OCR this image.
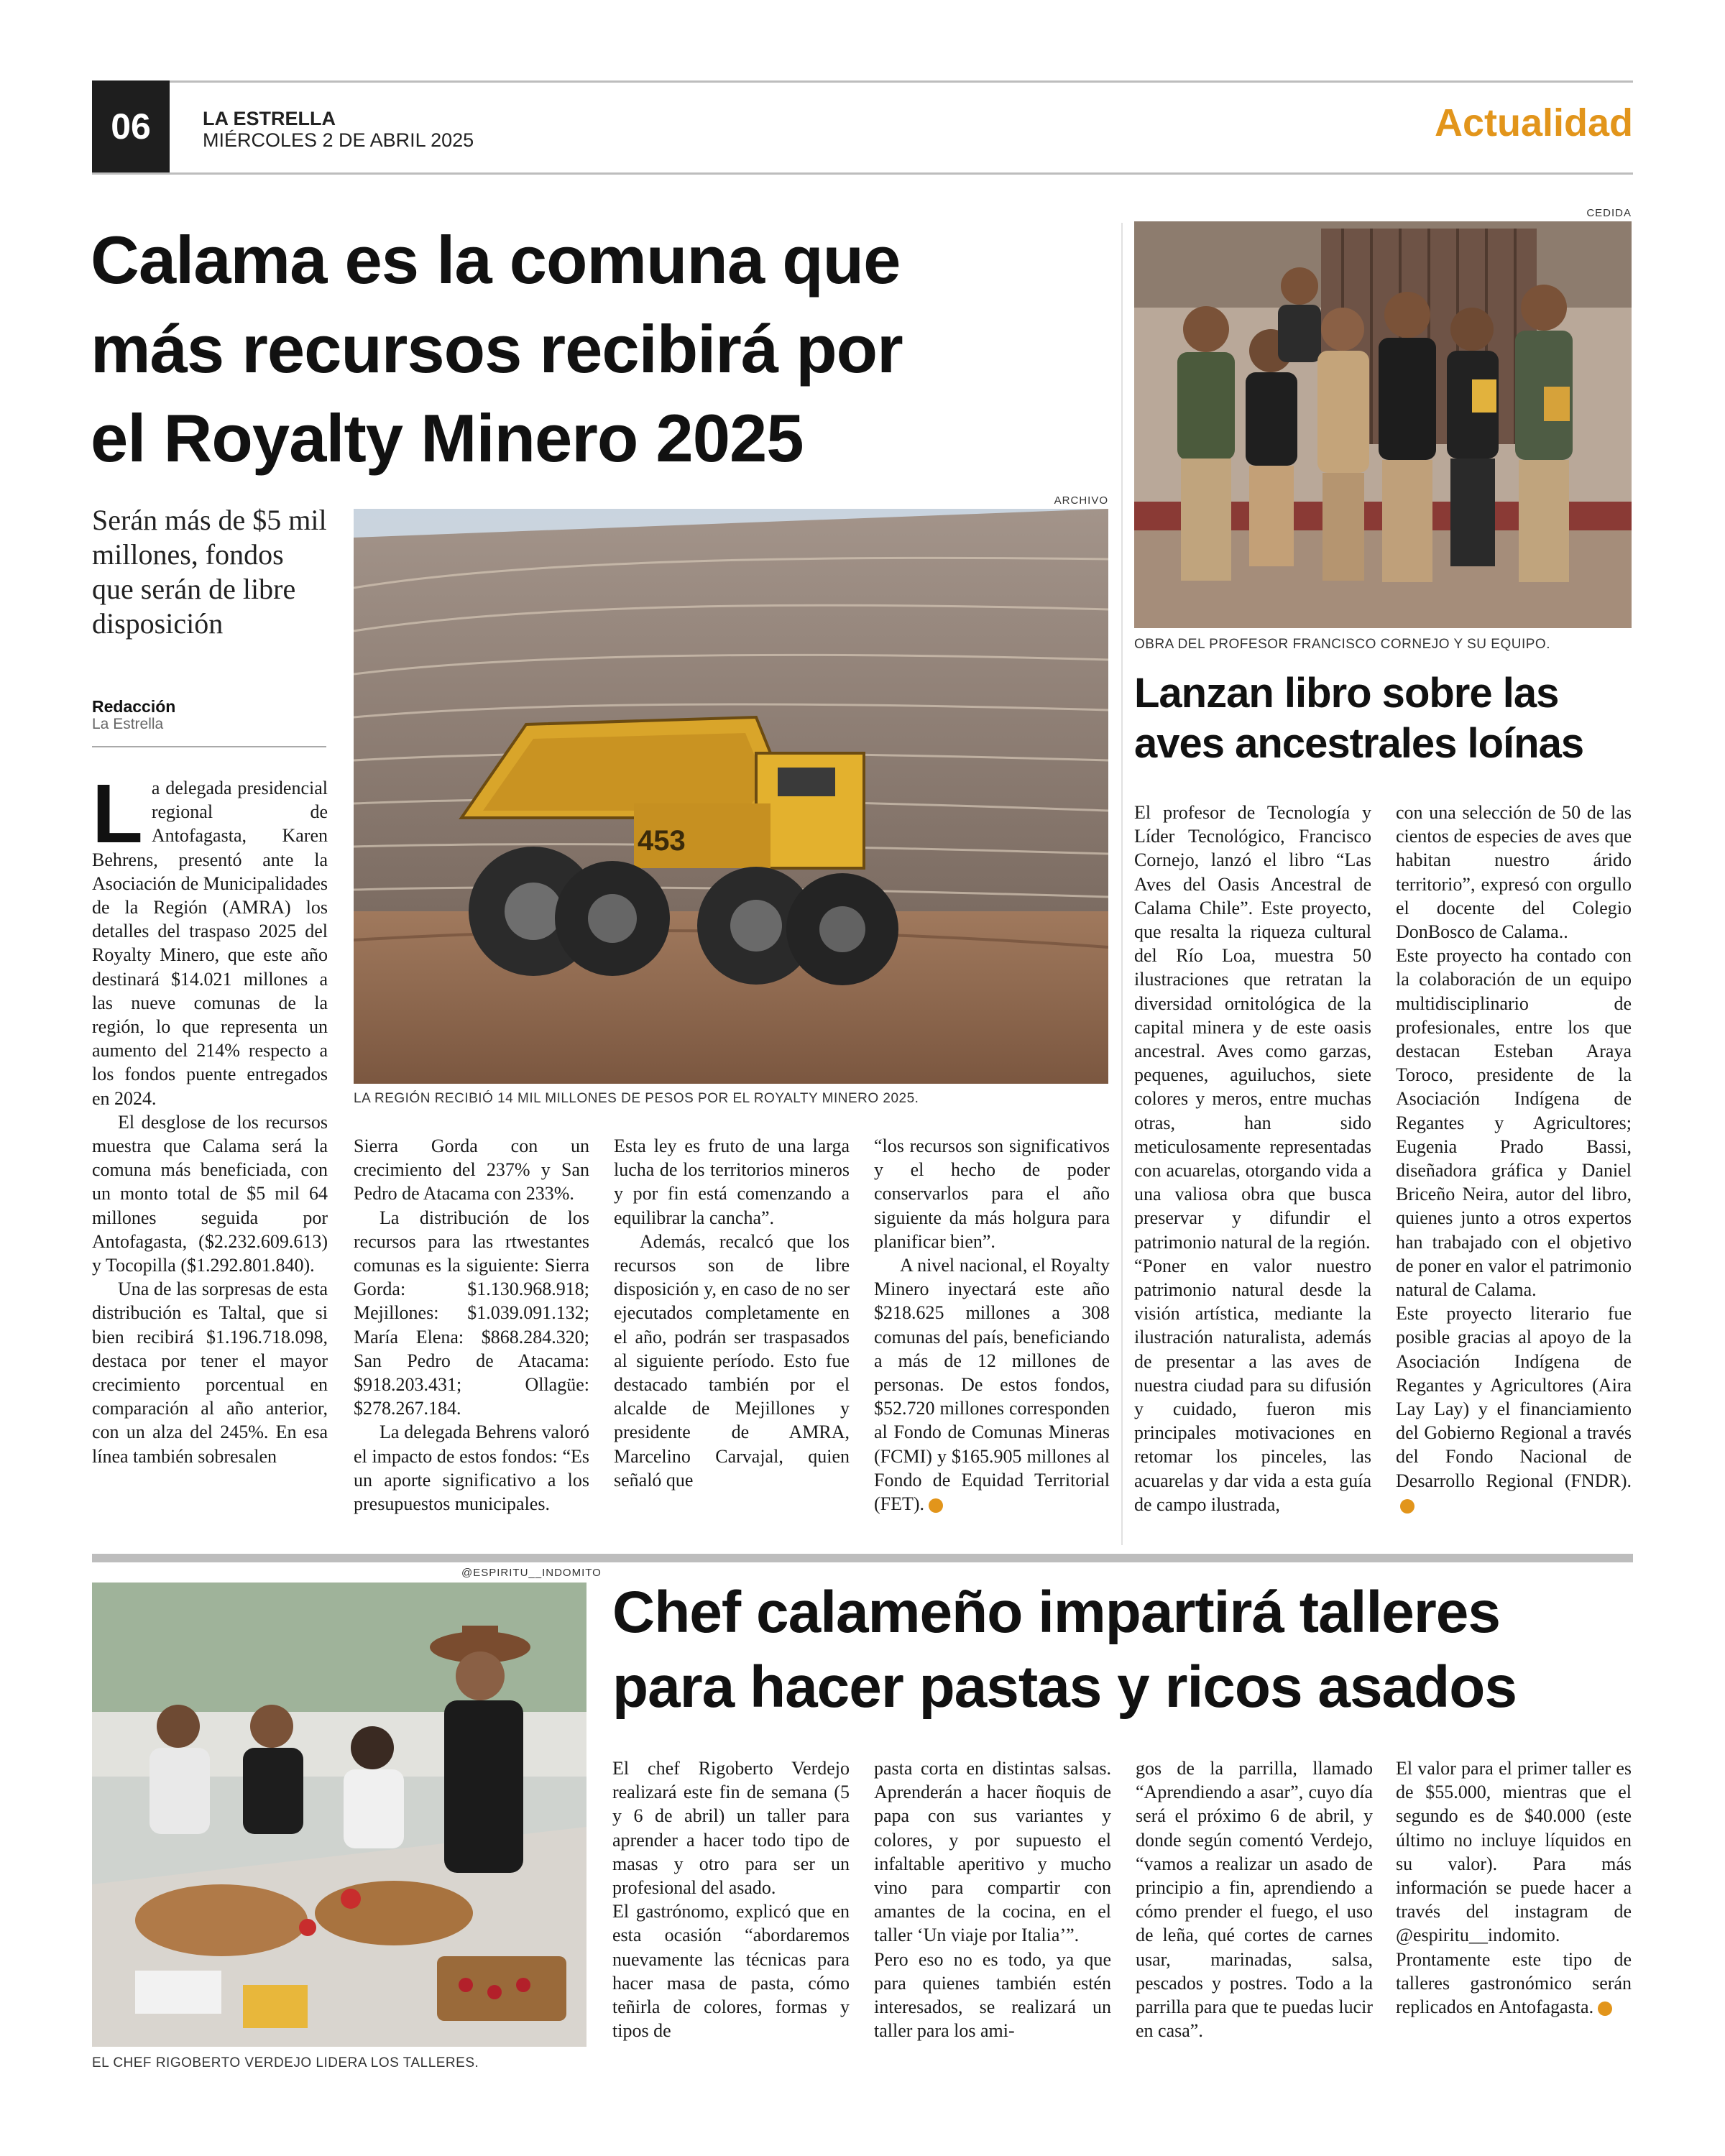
06	LA ESTRELLA
MIÉRCOLES 2 DE ABRIL 2025	Actualidad
Calama es la comuna que
más recursos recibirá por
el Royalty Minero 2025
Serán más de $5 mil millones, fondos que serán de libre disposición
Redacción
La Estrella
ARCHIVO
453
LA REGIÓN RECIBIÓ 14 MIL MILLONES DE PESOS POR EL ROYALTY MINERO 2025.
L a delegada presidencial regional de Antofagasta, Karen Behrens, presentó ante la Asociación de Municipalidades de la Región (AMRA) los detalles del traspaso 2025 del Royalty Minero, que este año destinará $14.021 millones a las nueve comunas de la región, lo que representa un aumento del 214% respecto a los fondos puente entregados en 2024.

El desglose de los recursos muestra que Calama será la comuna más beneficiada, con un monto total de $5 mil 64 millones seguida por Antofagasta, ($2.232.609.613) y Tocopilla ($1.292.801.840).

Una de las sorpresas de esta distribución es Taltal, que si bien recibirá $1.196.718.098, destaca por tener el mayor crecimiento porcentual en comparación al año anterior, con un alza del 245%. En esa línea también sobresalen

Sierra Gorda con un crecimiento del 237% y San Pedro de Atacama con 233%.

La distribución de los recursos para las rtwestantes comunas es la siguiente: Sierra Gorda: $1.130.968.918; Mejillones: $1.039.091.132; María Elena: $868.284.320; San Pedro de Atacama: $918.203.431; Ollagüe: $278.267.184.

La delegada Behrens valoró el impacto de estos fondos: “Es un aporte significativo a los presupuestos municipales.

Esta ley es fruto de una larga lucha de los territorios mineros y por fin está comenzando a equilibrar la cancha”.

Además, recalcó que los recursos son de libre disposición y, en caso de no ser ejecutados completamente en el año, podrán ser traspasados al siguiente período. Esto fue destacado también por el alcalde de Mejillones y presidente de AMRA, Marcelino Carvajal, quien señaló que

“los recursos son significativos y el hecho de poder conservarlos para el año siguiente da más holgura para planificar bien”.

A nivel nacional, el Royalty Minero inyectará este año $218.625 millones a 308 comunas del país, beneficiando a más de 12 millones de personas. De estos fondos, $52.720 millones corresponden al Fondo de Comunas Mineras (FCMI) y $165.905 millones al Fondo de Equidad Territorial (FET).

CEDIDA
OBRA DEL PROFESOR FRANCISCO CORNEJO Y SU EQUIPO.
Lanzan libro sobre las
aves ancestrales loínas

El profesor de Tecnología y Líder Tecnológico, Francisco Cornejo, lanzó el libro “Las Aves del Oasis Ancestral de Calama Chile”. Este proyecto, que resalta la riqueza cultural del Río Loa, muestra 50 ilustraciones que retratan la diversidad ornitológica de la capital minera y de este oasis ancestral. Aves como garzas, pequenes, aguiluchos, siete colores y meros, entre muchas otras, han sido meticulosamente representadas con acuarelas, otorgando vida a una valiosa obra que busca preservar y difundir el patrimonio natural de la región.

“Poner en valor nuestro patrimonio natural desde la visión artística, mediante la ilustración naturalista, además de presentar a las aves de nuestra ciudad para su difusión y cuidado, fueron mis principales motivaciones en retomar los pinceles, las acuarelas y dar vida a esta guía de campo ilustrada,

con una selección de 50 de las cientos de especies de aves que habitan nuestro árido territorio”, expresó con orgullo el docente del Colegio DonBosco de Calama..

Este proyecto ha contado con la colaboración de un equipo multidisciplinario de profesionales, entre los que destacan Esteban Araya Toroco, presidente de la Asociación Indígena de Regantes y Agricultores; Eugenia Prado Bassi, diseñadora gráfica y Daniel Briceño Neira, autor del libro, quienes junto a otros expertos han trabajado con el objetivo de poner en valor el patrimonio natural de Calama.

Este proyecto literario fue posible gracias al apoyo de la Asociación Indígena de Regantes y Agricultores (Aira Lay Lay) y el financiamiento del Gobierno Regional a través del Fondo Nacional de Desarrollo Regional (FNDR).

@ESPIRITU__INDOMITO
EL CHEF RIGOBERTO VERDEJO LIDERA LOS TALLERES.
Chef calameño impartirá talleres
para hacer pastas y ricos asados

El chef Rigoberto Verdejo realizará este fin de semana (5 y 6 de abril) un taller para aprender a hacer todo tipo de masas y otro para ser un profesional del asado.

El gastrónomo, explicó que en esta ocasión “abordaremos nuevamente las técnicas para hacer masa de pasta, cómo teñirla de colores, formas y tipos de

pasta corta en distintas salsas. Aprenderán a hacer ñoquis de papa con sus variantes y colores, y por supuesto el infaltable aperitivo y mucho vino para compartir con amantes de la cocina, en el taller ‘Un viaje por Italia’”.

Pero eso no es todo, ya que para quienes también estén interesados, se realizará un taller para los ami-

gos de la parrilla, llamado “Aprendiendo a asar”, cuyo día será el próximo 6 de abril, y donde según comentó Verdejo, “vamos a realizar un asado de principio a fin, aprendiendo a cómo prender el fuego, el uso de leña, qué cortes de carnes usar, marinadas, salsa, pescados y postres. Todo a la parrilla para que te puedas lucir en casa”.

El valor para el primer taller es de $55.000, mientras que el segundo es de $40.000 (este último no incluye líquidos en su valor). Para más información se puede hacer a través del instagram de @espiritu__indomito.

Prontamente este tipo de talleres gastronómico serán replicados en Antofagasta.
